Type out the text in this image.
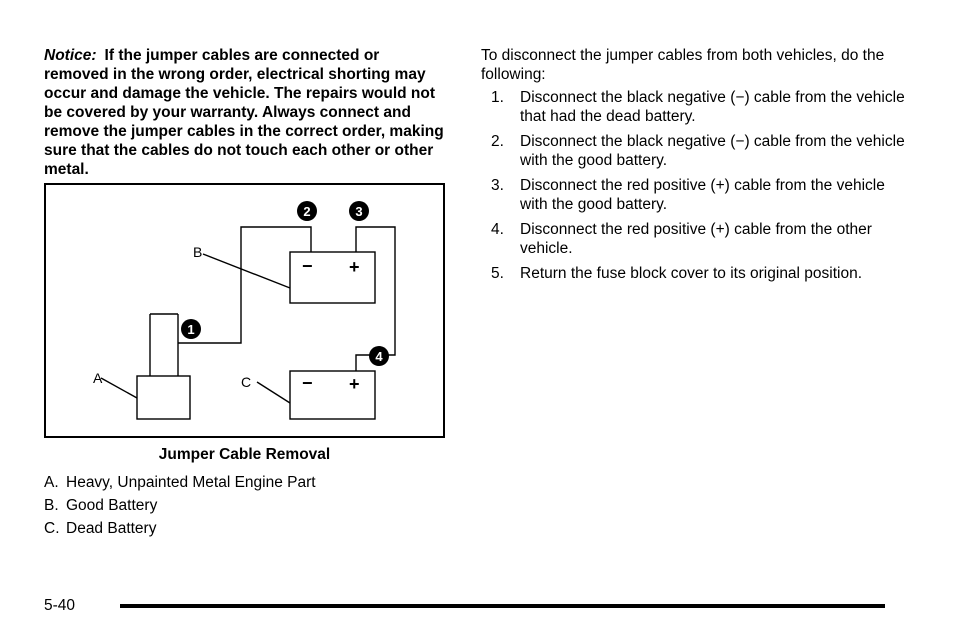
Notice: If the jumper cables are connected or removed in the wrong order, electrical shorting may occur and damage the vehicle. The repairs would not be covered by your warranty. Always connect and remove the jumper cables in the correct order, making sure that the cables do not touch each other or other metal.
A
B
C
− +
− +
1
2	3
4
Jumper Cable Removal
A. Heavy, Unpainted Metal Engine Part
B. Good Battery
C. Dead Battery
To disconnect the jumper cables from both vehicles, do the following:
1. Disconnect the black negative (−) cable from the vehicle that had the dead battery.
2. Disconnect the black negative (−) cable from the vehicle with the good battery.
3. Disconnect the red positive (+) cable from the vehicle with the good battery.
4. Disconnect the red positive (+) cable from the other vehicle.
5. Return the fuse block cover to its original position.
5-40
